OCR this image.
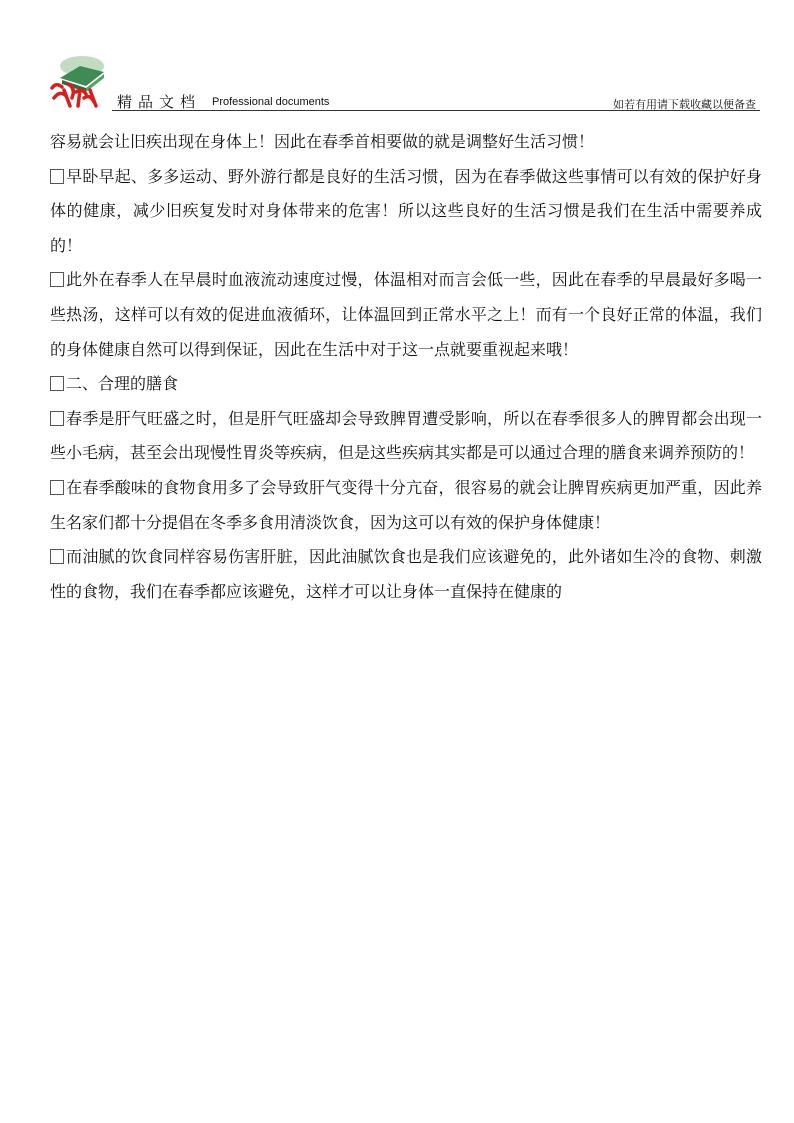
精品文档 Professional documents	如若有用请下载收藏以便备查

容易就会让旧疾出现在身体上！因此在春季首相要做的就是调整好生活习惯！

早卧早起、多多运动、野外游行都是良好的生活习惯，因为在春季做这些事情可以有效的保护好身体的健康，减少旧疾复发时对身体带来的危害！所以这些良好的生活习惯是我们在生活中需要养成的！

此外在春季人在早晨时血液流动速度过慢，体温相对而言会低一些，因此在春季的早晨最好多喝一些热汤，这样可以有效的促进血液循环，让体温回到正常水平之上！而有一个良好正常的体温，我们的身体健康自然可以得到保证，因此在生活中对于这一点就要重视起来哦！

二、合理的膳食

春季是肝气旺盛之时，但是肝气旺盛却会导致脾胃遭受影响，所以在春季很多人的脾胃都会出现一些小毛病，甚至会出现慢性胃炎等疾病，但是这些疾病其实都是可以通过合理的膳食来调养预防的！

在春季酸味的食物食用多了会导致肝气变得十分亢奋，很容易的就会让脾胃疾病更加严重，因此养生名家们都十分提倡在冬季多食用清淡饮食，因为这可以有效的保护身体健康！

而油腻的饮食同样容易伤害肝脏，因此油腻饮食也是我们应该避免的，此外诸如生冷的食物、刺激性的食物，我们在春季都应该避免，这样才可以让身体一直保持在健康的
